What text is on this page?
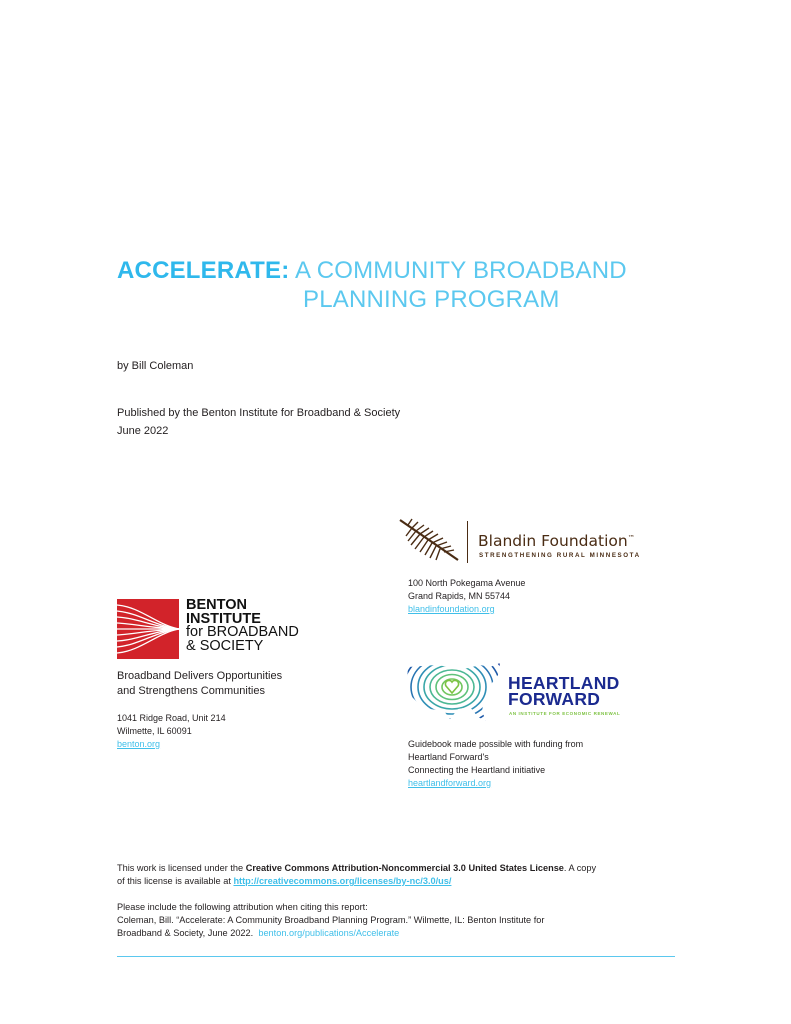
ACCELERATE: A COMMUNITY BROADBAND
PLANNING PROGRAM
by Bill Coleman
Published by the Benton Institute for Broadband & Society
June 2022
Blandin Foundation™
STRENGTHENING RURAL MINNESOTA
100 North Pokegama Avenue
Grand Rapids, MN 55744
blandinfoundation.org
BENTON
INSTITUTE
for BROADBAND
& SOCIETY
Broadband Delivers Opportunities
and Strengthens Communities
1041 Ridge Road, Unit 214
Wilmette, IL 60091
benton.org
HEARTLAND
FORWARD
AN INSTITUTE FOR ECONOMIC RENEWAL
Guidebook made possible with funding from
Heartland Forward's
Connecting the Heartland initiative
heartlandforward.org
This work is licensed under the Creative Commons Attribution-Noncommercial 3.0 United States License. A copy
of this license is available at http://creativecommons.org/licenses/by-nc/3.0/us/
Please include the following attribution when citing this report:
Coleman, Bill. “Accelerate: A Community Broadband Planning Program.” Wilmette, IL: Benton Institute for
Broadband & Society, June 2022. benton.org/publications/Accelerate
